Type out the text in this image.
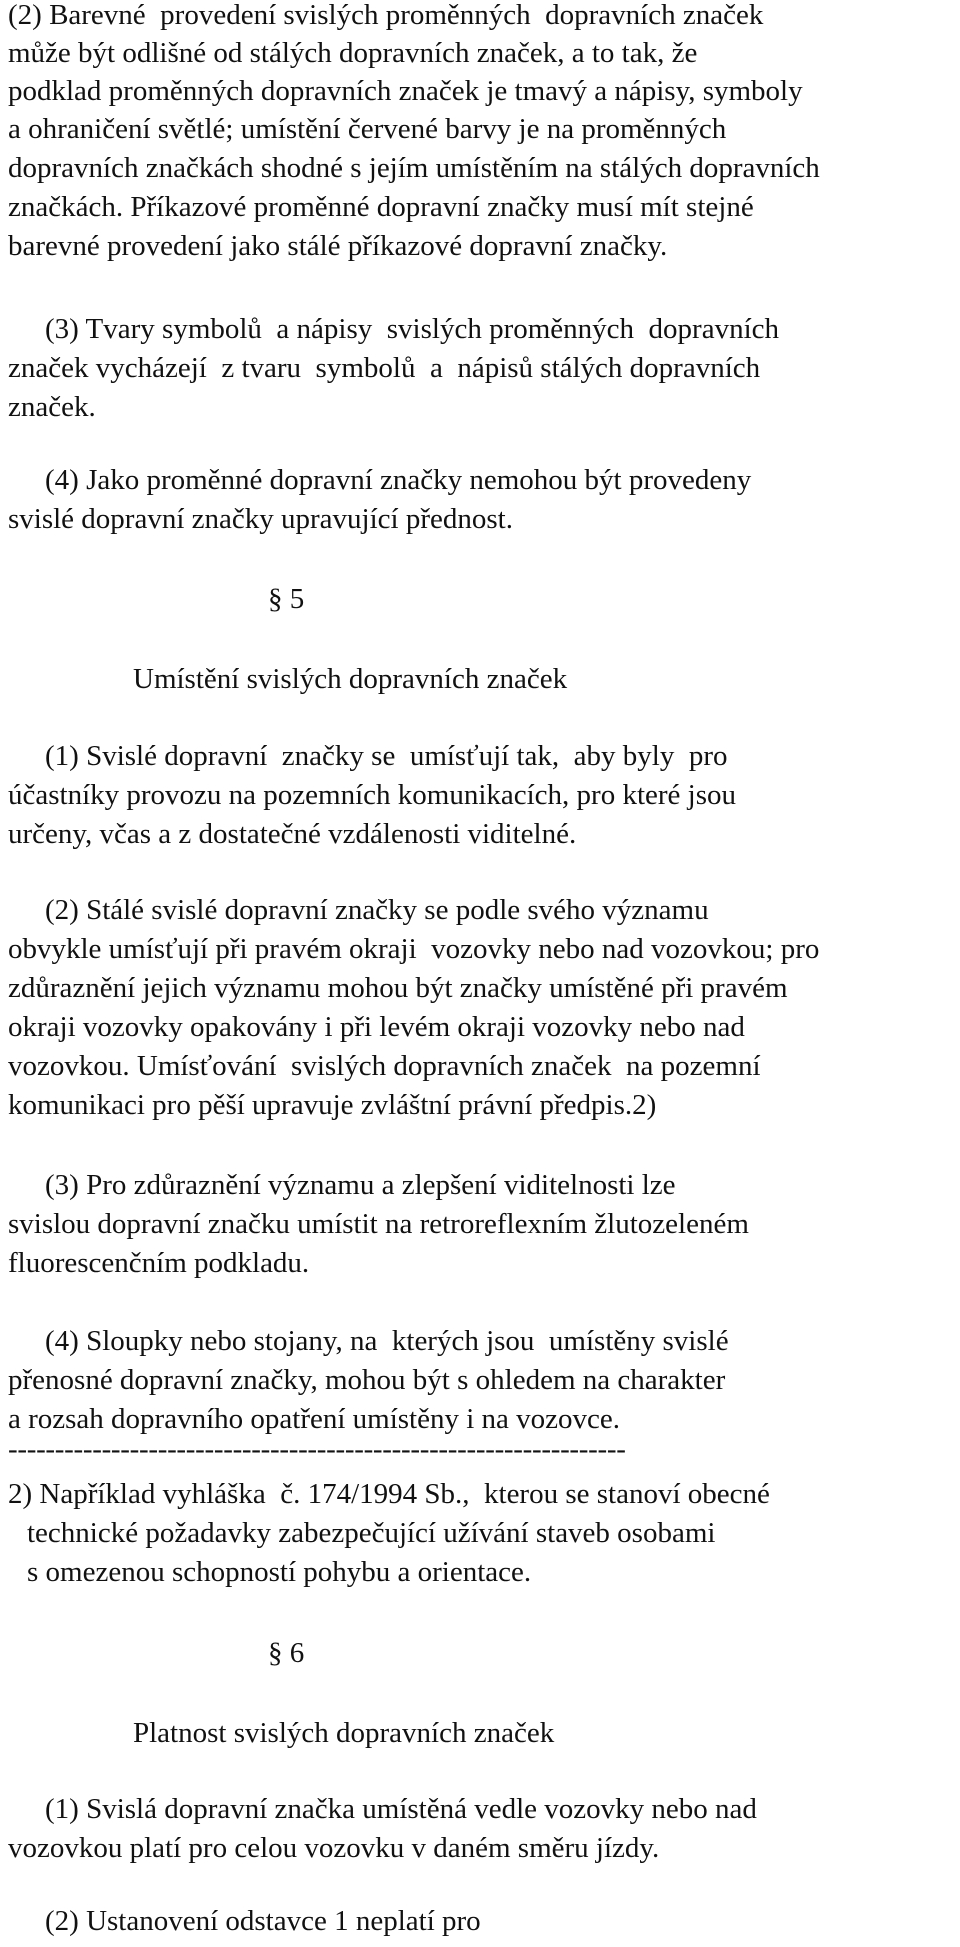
(2) Barevné  provedení svislých proměnných  dopravních značek

může být odlišné od stálých dopravních značek, a to tak, že

podklad proměnných dopravních značek je tmavý a nápisy, symboly

a ohraničení světlé; umístění červené barvy je na proměnných

dopravních značkách shodné s jejím umístěním na stálých dopravních

značkách. Příkazové proměnné dopravní značky musí mít stejné

barevné provedení jako stálé příkazové dopravní značky.

(3) Tvary symbolů  a nápisy  svislých proměnných  dopravních

značek vycházejí  z tvaru  symbolů  a  nápisů stálých dopravních

značek.

(4) Jako proměnné dopravní značky nemohou být provedeny

svislé dopravní značky upravující přednost.

§ 5
Umístění svislých dopravních značek

(1) Svislé dopravní  značky se  umísťují tak,  aby byly  pro

účastníky provozu na pozemních komunikacích, pro které jsou

určeny, včas a z dostatečné vzdálenosti viditelné.

(2) Stálé svislé dopravní značky se podle svého významu

obvykle umísťují při pravém okraji  vozovky nebo nad vozovkou; pro

zdůraznění jejich významu mohou být značky umístěné při pravém

okraji vozovky opakovány i při levém okraji vozovky nebo nad

vozovkou. Umísťování  svislých dopravních značek  na pozemní

komunikaci pro pěší upravuje zvláštní právní předpis.2)

(3) Pro zdůraznění významu a zlepšení viditelnosti lze

svislou dopravní značku umístit na retroreflexním žlutozeleném

fluorescenčním podkladu.

(4) Sloupky nebo stojany, na  kterých jsou  umístěny svislé

přenosné dopravní značky, mohou být s ohledem na charakter

a rozsah dopravního opatření umístěny i na vozovce.

------------------------------------------------------------------

2) Například vyhláška  č. 174/1994 Sb.,  kterou se stanoví obecné

technické požadavky zabezpečující užívání staveb osobami

s omezenou schopností pohybu a orientace.

§ 6
Platnost svislých dopravních značek

(1) Svislá dopravní značka umístěná vedle vozovky nebo nad

vozovkou platí pro celou vozovku v daném směru jízdy.

(2) Ustanovení odstavce 1 neplatí pro
